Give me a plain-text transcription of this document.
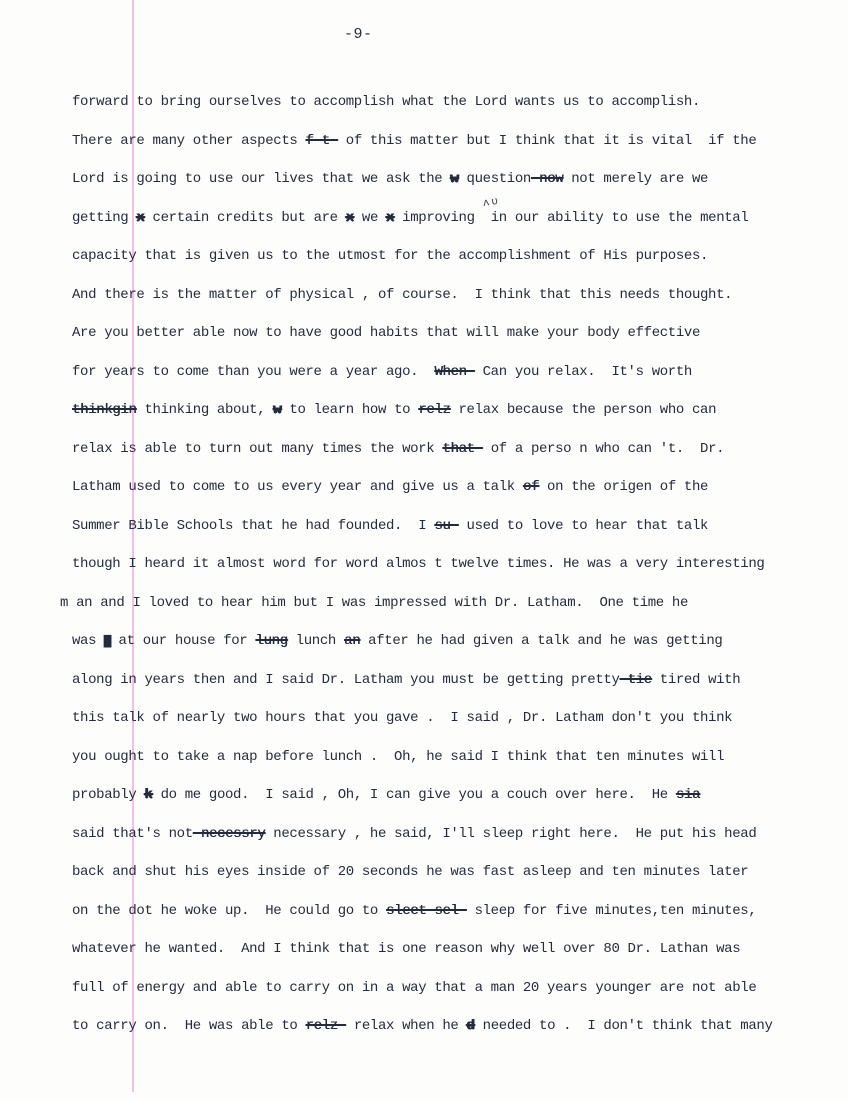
-9-
forward to bring ourselves to accomplish what the Lord wants us to accomplish.
There are many other aspects f t- of this matter but I think that it is vital  if the
Lord is going to use our lives that we ask the w question-now not merely are we
getting x certain credits but are x we x improving ʌʋ in our ability to use the mental
capacity that is given us to the utmost for the accomplishment of His purposes.
And there is the matter of physical , of course.  I think that this needs thought.
Are you better able now to have good habits that will make your body effective
for years to come than you were a year ago.  When- Can you relax.  It's worth
thinkgin thinking about, w to learn how to relz relax because the person who can
relax is able to turn out many times the work that- of a perso n who can 't.  Dr.
Latham used to come to us every year and give us a talk of on the origen of the
Summer Bible Schools that he had founded.  I su- used to love to hear that talk
though I heard it almost word for word almos t twelve times. He was a very interesting
m an and I loved to hear him but I was impressed with Dr. Latham.  One time he
was █ at our house for lung lunch an after he had given a talk and he was getting
along in years then and I said Dr. Latham you must be getting pretty-tie tired with
this talk of nearly two hours that you gave .  I said , Dr. Latham don't you think
you ought to take a nap before lunch .  Oh, he said I think that ten minutes will
probably k do me good.  I said , Oh, I can give you a couch over here.  He sia
said that's not-necessry necessary , he said, I'll sleep right here.  He put his head
back and shut his eyes inside of 20 seconds he was fast asleep and ten minutes later
on the dot he woke up.  He could go to sleet sel- sleep for five minutes,ten minutes,
whatever he wanted.  And I think that is one reason why well over 80 Dr. Lathan was
full of energy and able to carry on in a way that a man 20 years younger are not able
to carry on.  He was able to relz- relax when he d needed to .  I don't think that many
